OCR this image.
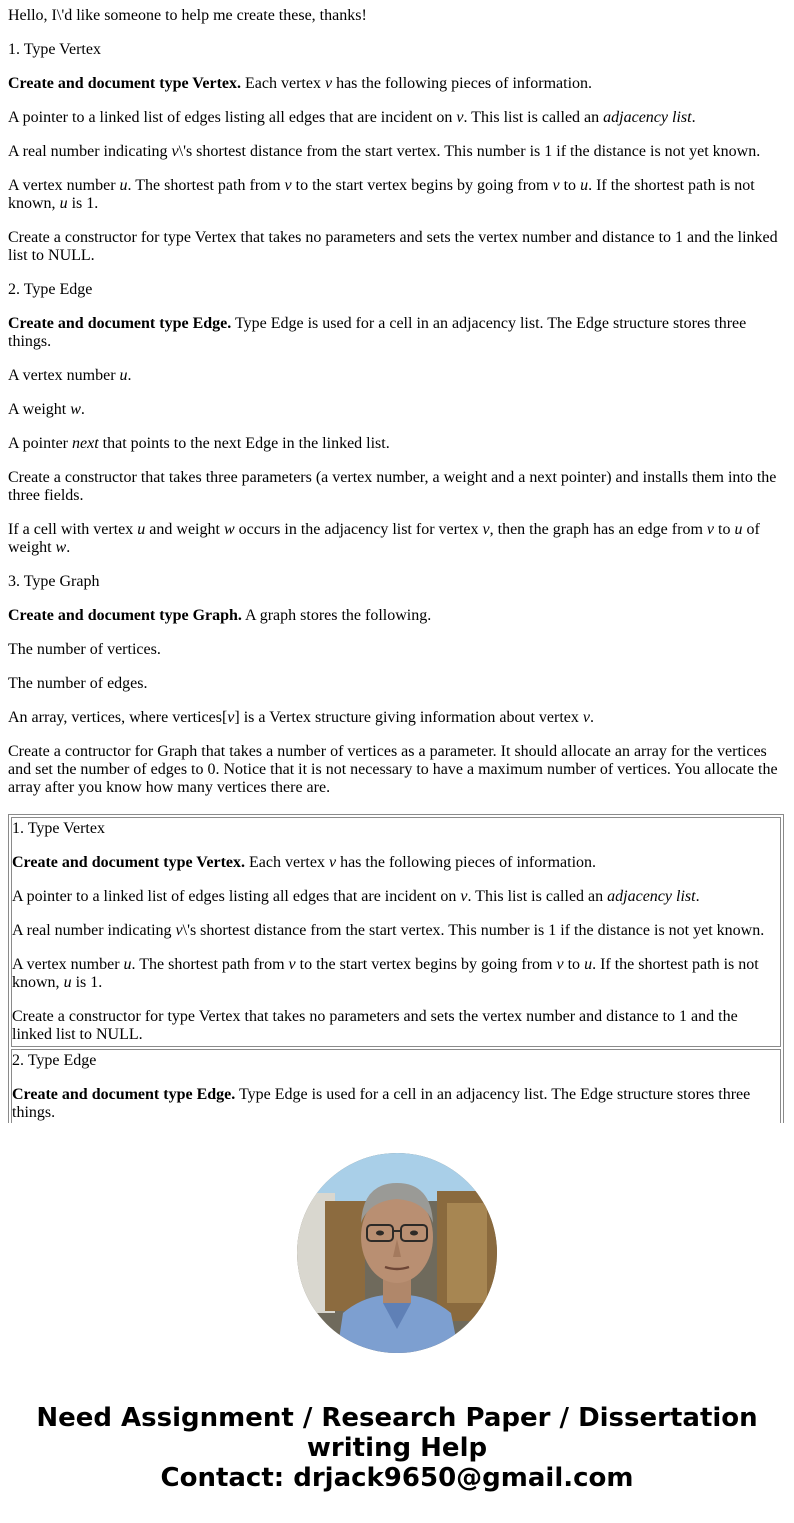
Hello, I\'d like someone to help me create these, thanks!

1. Type Vertex

Create and document type Vertex. Each vertex v has the following pieces of information.

A pointer to a linked list of edges listing all edges that are incident on v. This list is called an adjacency list.

A real number indicating v\'s shortest distance from the start vertex. This number is 1 if the distance is not yet known.

A vertex number u. The shortest path from v to the start vertex begins by going from v to u. If the shortest path is not known, u is 1.

Create a constructor for type Vertex that takes no parameters and sets the vertex number and distance to 1 and the linked list to NULL.

2. Type Edge

Create and document type Edge. Type Edge is used for a cell in an adjacency list. The Edge structure stores three things.

A vertex number u.

A weight w.

A pointer next that points to the next Edge in the linked list.

Create a constructor that takes three parameters (a vertex number, a weight and a next pointer) and installs them into the three fields.

If a cell with vertex u and weight w occurs in the adjacency list for vertex v, then the graph has an edge from v to u of weight w.

3. Type Graph

Create and document type Graph. A graph stores the following.

The number of vertices.

The number of edges.

An array, vertices, where vertices[v] is a Vertex structure giving information about vertex v.

Create a contructor for Graph that takes a number of vertices as a parameter. It should allocate an array for the vertices and set the number of edges to 0. Notice that it is not necessary to have a maximum number of vertices. You allocate the array after you know how many vertices there are.

1. Type Vertex

Create and document type Vertex. Each vertex v has the following pieces of information.

A pointer to a linked list of edges listing all edges that are incident on v. This list is called an adjacency list.

A real number indicating v\'s shortest distance from the start vertex. This number is 1 if the distance is not yet known.

A vertex number u. The shortest path from v to the start vertex begins by going from v to u. If the shortest path is not known, u is 1.

Create a constructor for type Vertex that takes no parameters and sets the vertex number and distance to 1 and the linked list to NULL.

2. Type Edge

Create and document type Edge. Type Edge is used for a cell in an adjacency list. The Edge structure stores three things.

Need Assignment / Research Paper / Dissertation writing Help
Contact: drjack9650@gmail.com
